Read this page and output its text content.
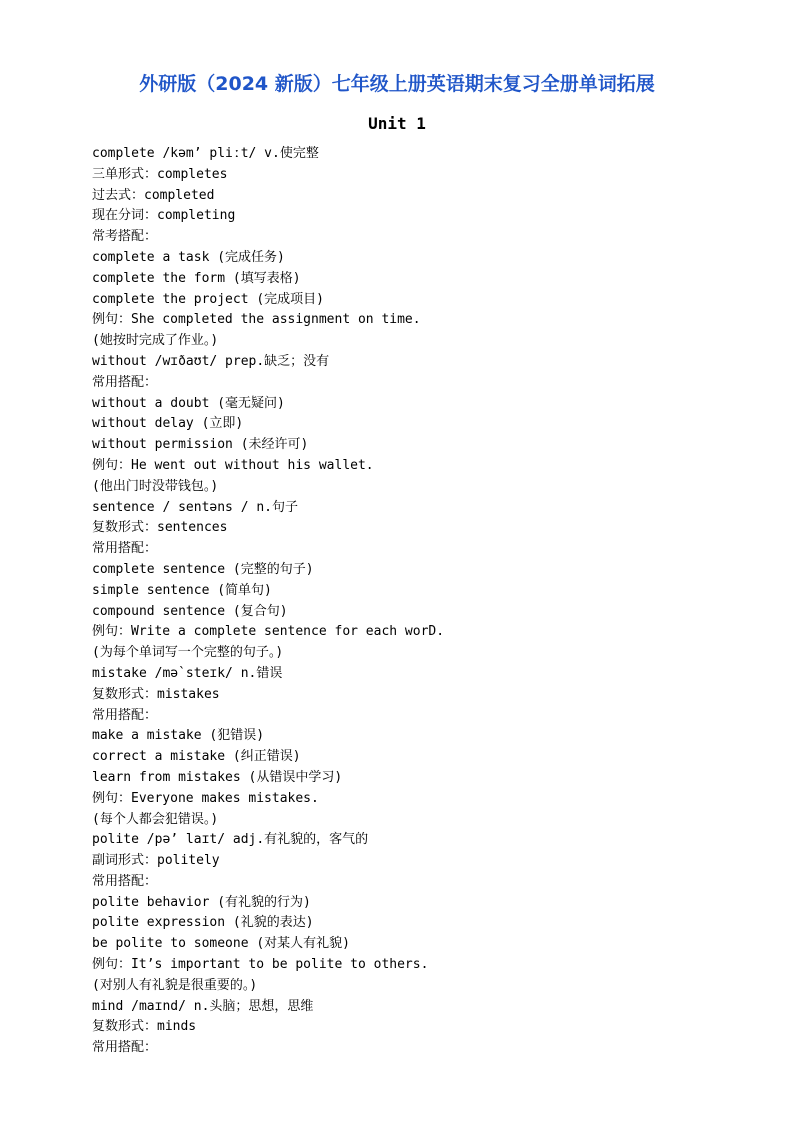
外研版（2024 新版）七年级上册英语期末复习全册单词拓展
Unit 1
complete /kəm’ pliːt/ v.使完整
三单形式：completes
过去式：completed
现在分词：completing
常考搭配：
complete a task (完成任务)
complete the form (填写表格)
complete the project (完成项目)
例句：She completed the assignment on time.
(她按时完成了作业。)
without /wɪðaʊt/ prep.缺乏；没有
常用搭配：
without a doubt (毫无疑问)
without delay (立即)
without permission (未经许可)
例句：He went out without his wallet.
(他出门时没带钱包。)
sentence / sentəns / n.句子
复数形式：sentences
常用搭配：
complete sentence (完整的句子)
simple sentence (简单句)
compound sentence (复合句)
例句：Write a complete sentence for each worD.
(为每个单词写一个完整的句子。)
mistake /mə`steɪk/ n.错误
复数形式：mistakes
常用搭配：
make a mistake (犯错误)
correct a mistake (纠正错误)
learn from mistakes (从错误中学习)
例句：Everyone makes mistakes.
(每个人都会犯错误。)
polite /pə’ laɪt/ adj.有礼貌的，客气的
副词形式：politely
常用搭配：
polite behavior (有礼貌的行为)
polite expression (礼貌的表达)
be polite to someone (对某人有礼貌)
例句：It’s important to be polite to others.
(对别人有礼貌是很重要的。)
mind /maɪnd/ n.头脑；思想，思维
复数形式：minds
常用搭配：
